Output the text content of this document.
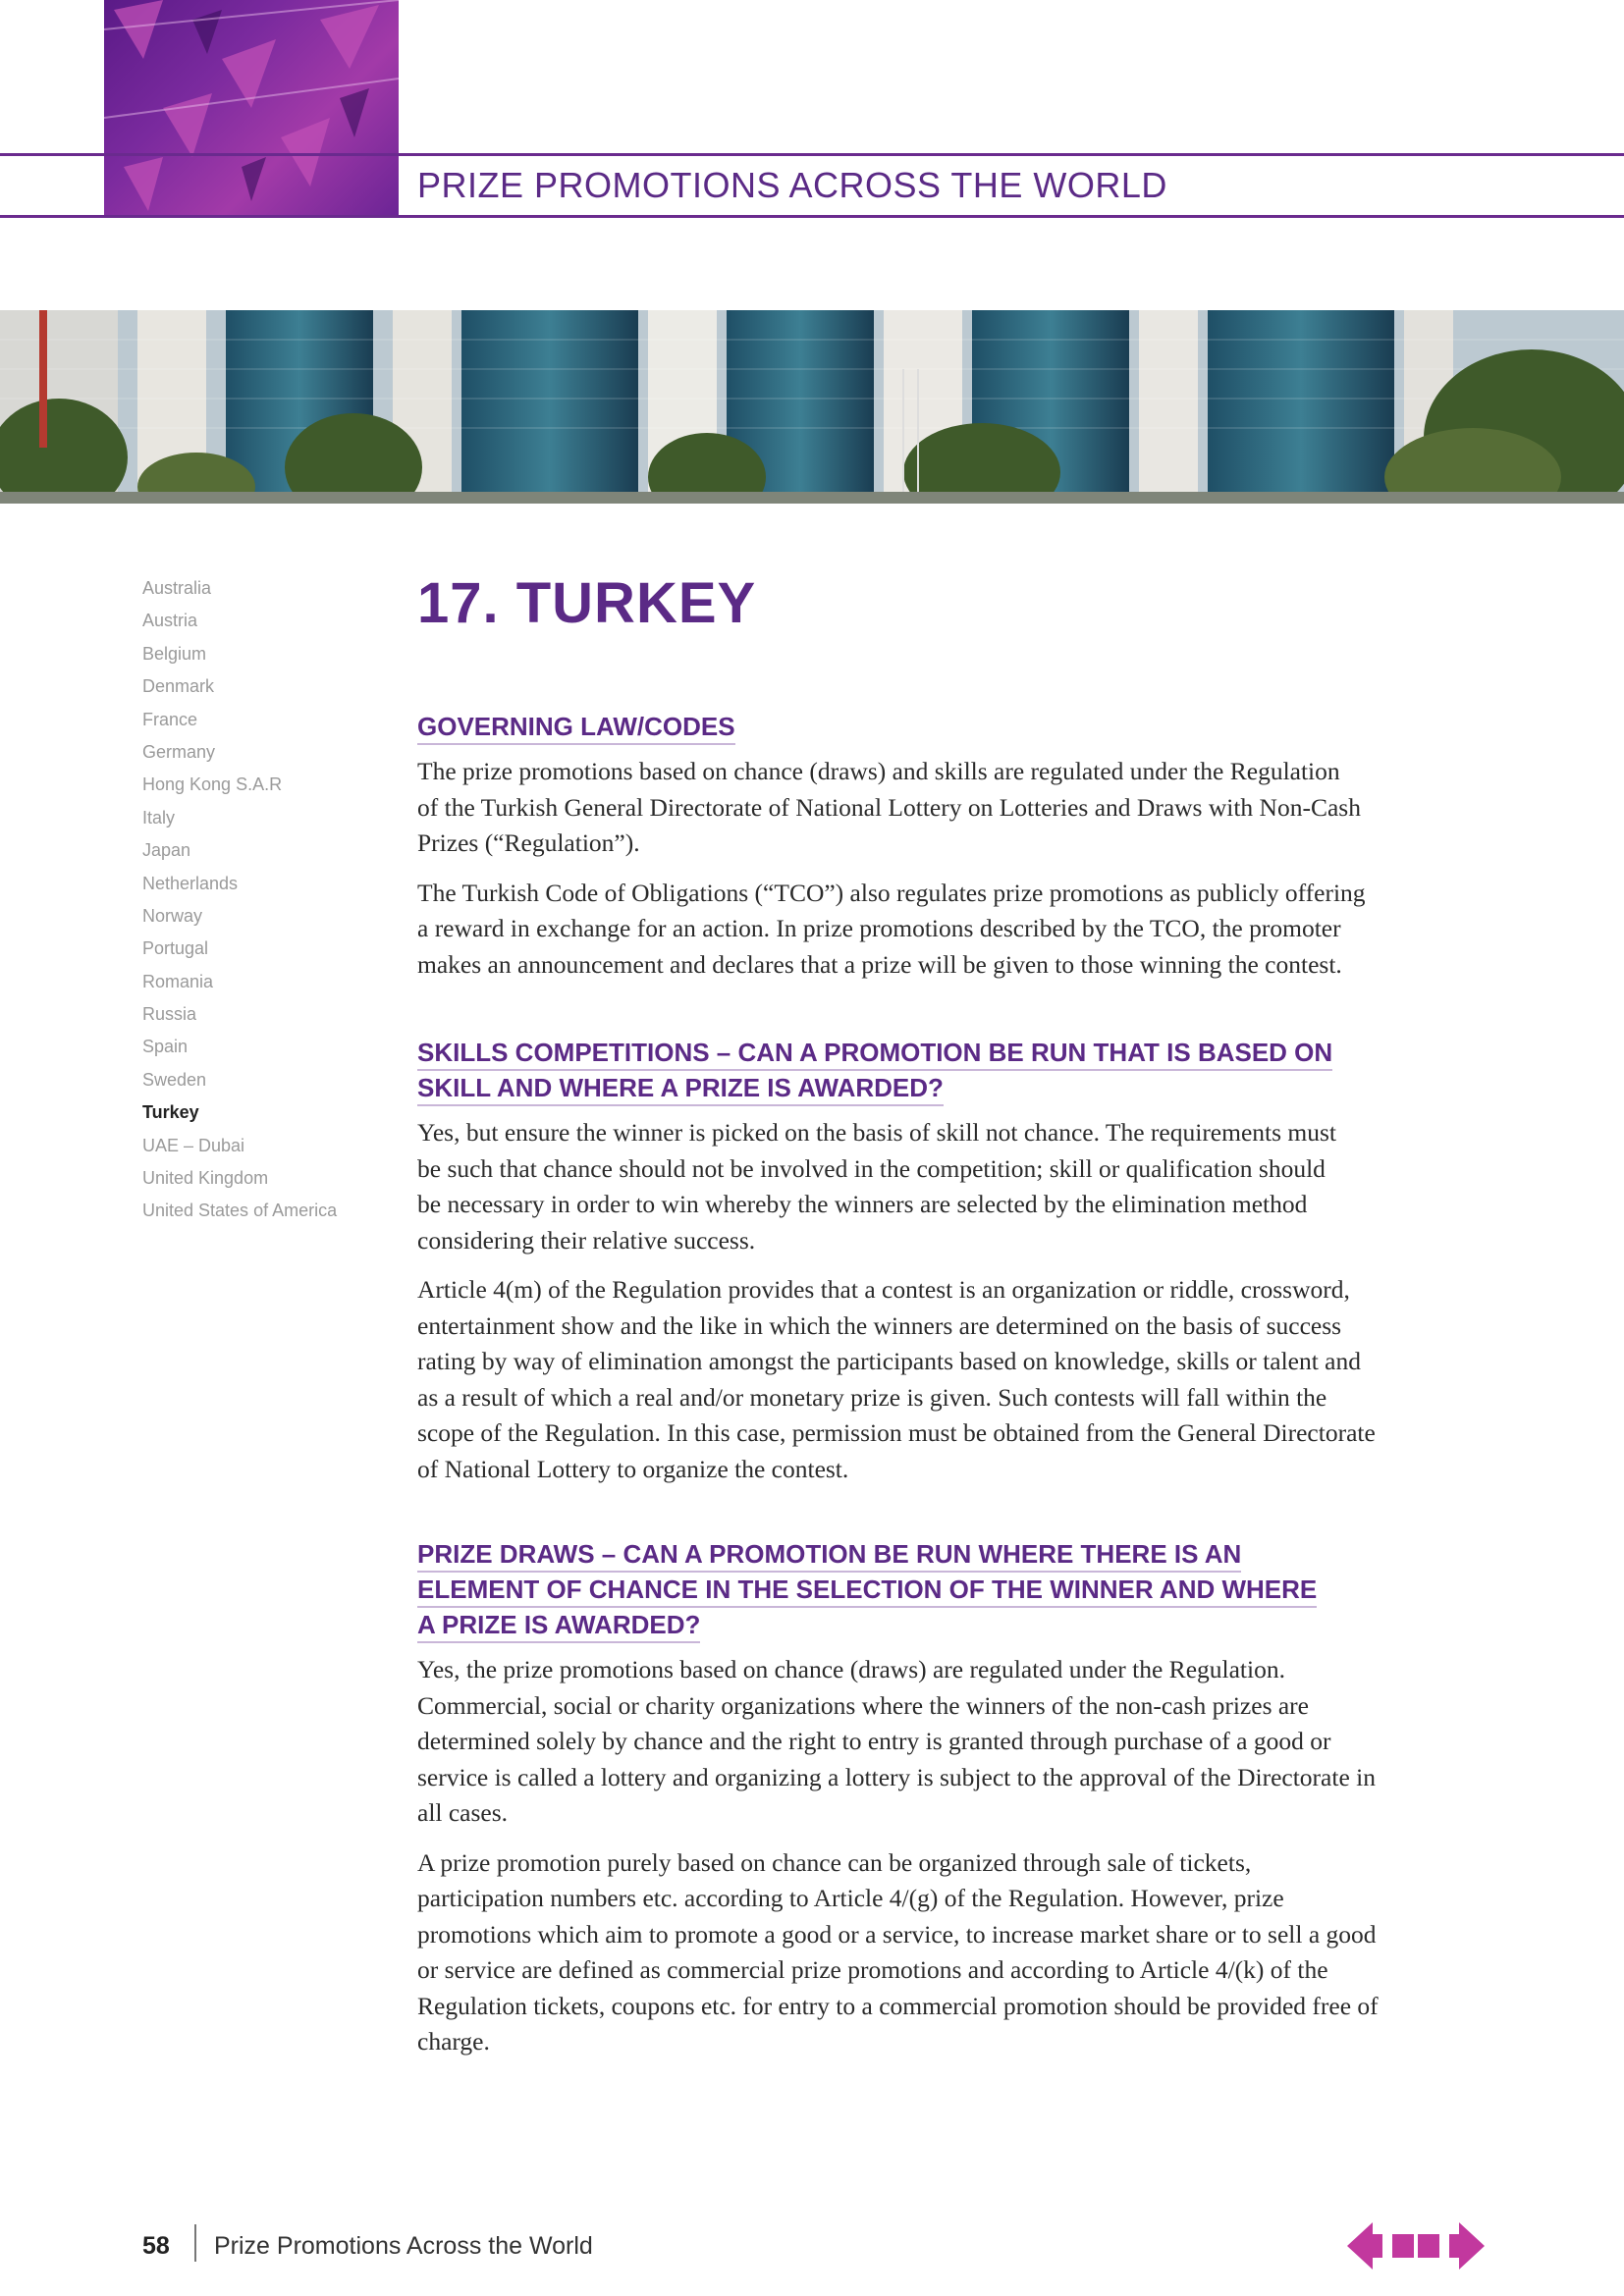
PRIZE PROMOTIONS ACROSS THE WORLD
Australia
Austria
Belgium
Denmark
France
Germany
Hong Kong S.A.R
Italy
Japan
Netherlands
Norway
Portugal
Romania
Russia
Spain
Sweden
Turkey
UAE – Dubai
United Kingdom
United States of America
17. TURKEY
GOVERNING LAW/CODES

The prize promotions based on chance (draws) and skills are regulated under the Regulation
of the Turkish General Directorate of National Lottery on Lotteries and Draws with Non-Cash
Prizes (“Regulation”).

The Turkish Code of Obligations (“TCO”) also regulates prize promotions as publicly offering
a reward in exchange for an action. In prize promotions described by the TCO, the promoter
makes an announcement and declares that a prize will be given to those winning the contest.

SKILLS COMPETITIONS – CAN A PROMOTION BE RUN THAT IS BASED ON
SKILL AND WHERE A PRIZE IS AWARDED?

Yes, but ensure the winner is picked on the basis of skill not chance. The requirements must
be such that chance should not be involved in the competition; skill or qualification should
be necessary in order to win whereby the winners are selected by the elimination method
considering their relative success.

Article 4(m) of the Regulation provides that a contest is an organization or riddle, crossword,
entertainment show and the like in which the winners are determined on the basis of success
rating by way of elimination amongst the participants based on knowledge, skills or talent and
as a result of which a real and/or monetary prize is given. Such contests will fall within the
scope of the Regulation. In this case, permission must be obtained from the General Directorate
of National Lottery to organize the contest.

PRIZE DRAWS – CAN A PROMOTION BE RUN WHERE THERE IS AN
ELEMENT OF CHANCE IN THE SELECTION OF THE WINNER AND WHERE
A PRIZE IS AWARDED?

Yes, the prize promotions based on chance (draws) are regulated under the Regulation.
Commercial, social or charity organizations where the winners of the non-cash prizes are
determined solely by chance and the right to entry is granted through purchase of a good or
service is called a lottery and organizing a lottery is subject to the approval of the Directorate in
all cases.

A prize promotion purely based on chance can be organized through sale of tickets,
participation numbers etc. according to Article 4/(g) of the Regulation. However, prize
promotions which aim to promote a good or a service, to increase market share or to sell a good
or service are defined as commercial prize promotions and according to Article 4/(k) of the
Regulation tickets, coupons etc. for entry to a commercial promotion should be provided free of
charge.

58 Prize Promotions Across the World
